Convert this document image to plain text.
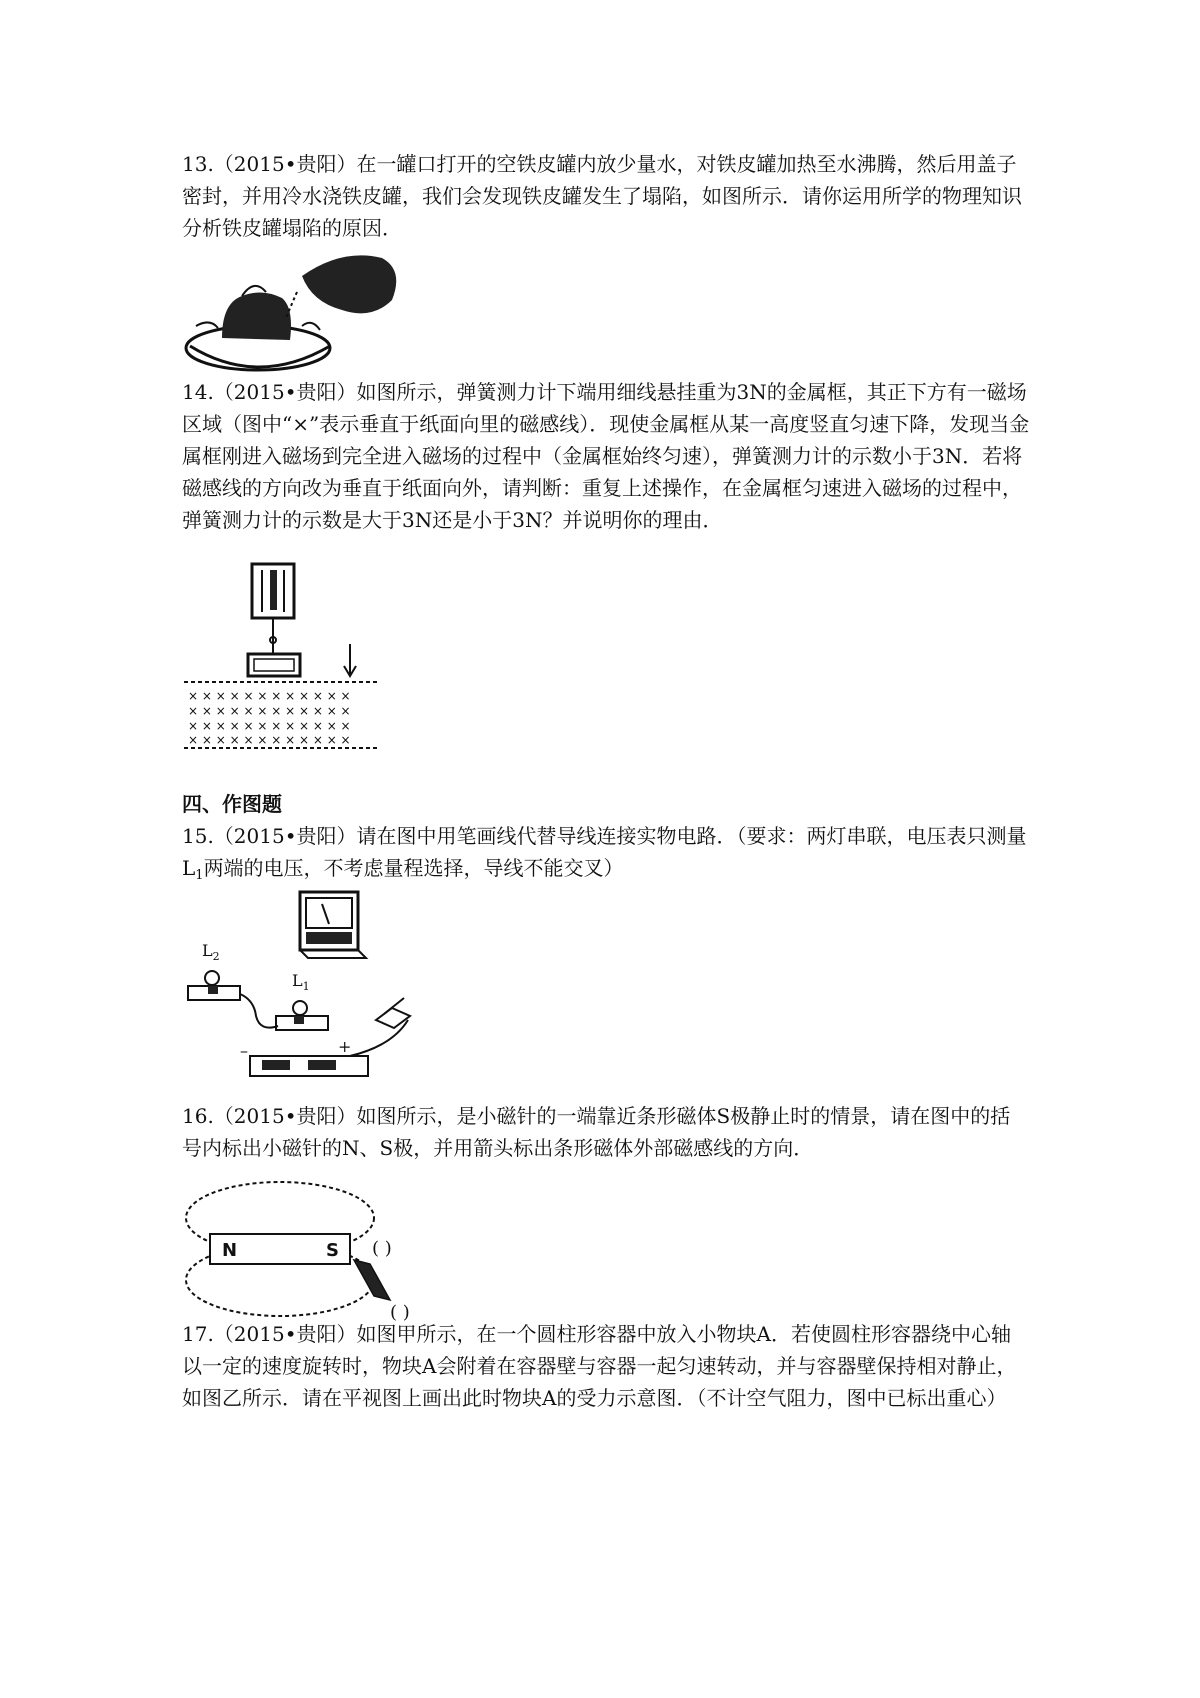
13.（2015•贵阳）在一罐口打开的空铁皮罐内放少量水，对铁皮罐加热至水沸腾，然后用盖子密封，并用冷水浇铁皮罐，我们会发现铁皮罐发生了塌陷，如图所示．请你运用所学的物理知识分析铁皮罐塌陷的原因．
14.（2015•贵阳）如图所示，弹簧测力计下端用细线悬挂重为3N的金属框，其正下方有一磁场区域（图中“×”表示垂直于纸面向里的磁感线）．现使金属框从某一高度竖直匀速下降，发现当金属框刚进入磁场到完全进入磁场的过程中（金属框始终匀速），弹簧测力计的示数小于3N．若将磁感线的方向改为垂直于纸面向外，请判断：重复上述操作，在金属框匀速进入磁场的过程中，弹簧测力计的示数是大于3N还是小于3N？并说明你的理由．
× × × × × × × × × × × ×
× × × × × × × × × × × ×
× × × × × × × × × × × ×
× × × × × × × × × × × ×
四、作图题
15.（2015•贵阳）请在图中用笔画线代替导线连接实物电路．（要求：两灯串联，电压表只测量$L_1$两端的电压，不考虑量程选择，导线不能交叉）
$L_2$
$L_1$
–	+
16.（2015•贵阳）如图所示，是小磁针的一端靠近条形磁体S极静止时的情景，请在图中的括号内标出小磁针的N、S极，并用箭头标出条形磁体外部磁感线的方向．
N	S ( )
( )
17.（2015•贵阳）如图甲所示，在一个圆柱形容器中放入小物块A．若使圆柱形容器绕中心轴以一定的速度旋转时，物块A会附着在容器壁与容器一起匀速转动，并与容器壁保持相对静止，如图乙所示．请在平视图上画出此时物块A的受力示意图．（不计空气阻力，图中已标出重心）
